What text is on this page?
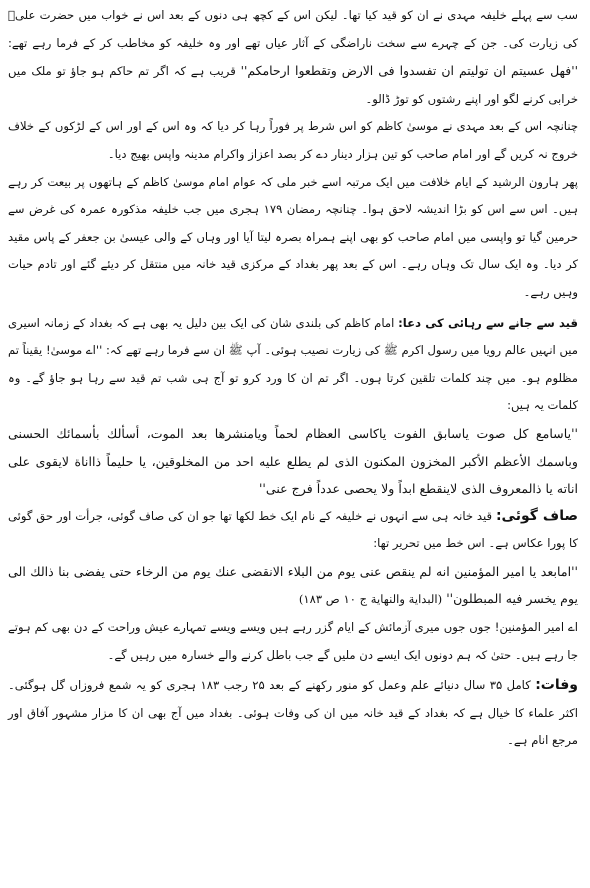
سب سے پہلے خلیفہ مہدی نے ان کو قید کیا تھا۔ لیکن اس کے کچھ ہی دنوں کے بعد اس نے خواب میں حضرت علیؓ کی زیارت کی۔ جن کے چہرے سے سخت ناراضگی کے آثار عیاں تھے اور وہ خلیفہ کو مخاطب کر کے فرما رہے تھے: ''فھل عسیتم ان تولیتم ان تفسدوا فی الارض وتقطعوا ارحامکم'' قریب ہے کہ اگر تم حاکم ہو جاؤ تو ملک میں خرابی کرنے لگو اور اپنے رشتوں کو توڑ ڈالو۔

چنانچہ اس کے بعد مہدی نے موسیٰ کاظم کو اس شرط پر فوراً رہا کر دیا کہ وہ اس کے اور اس کے لڑکوں کے خلاف خروج نہ کریں گے اور امام صاحب کو تین ہزار دینار دے کر بصد اعزاز واکرام مدینہ واپس بھیج دیا۔

پھر ہارون الرشید کے ایام خلافت میں ایک مرتبہ اسے خبر ملی کہ عوام امام موسیٰ کاظم کے ہاتھوں پر بیعت کر رہے ہیں۔ اس سے اس کو بڑا اندیشہ لاحق ہوا۔ چنانچہ رمضان ۱۷۹ ہجری میں جب خلیفہ مذکورہ عمرہ کی غرض سے حرمین گیا تو واپسی میں امام صاحب کو بھی اپنے ہمراہ بصرہ لیتا آیا اور وہاں کے والی عیسیٰ بن جعفر کے پاس مقید کر دیا۔ وہ ایک سال تک وہاں رہے۔ اس کے بعد پھر بغداد کے مرکزی قید خانہ میں منتقل کر دیئے گئے اور تادم حیات وہیں رہے۔

قید سے جانے سے رہائی کی دعا: امام کاظم کی بلندی شان کی ایک بین دلیل یہ بھی ہے کہ بغداد کے زمانہ اسیری میں انہیں عالم رویا میں رسول اکرم ﷺ کی زیارت نصیب ہوئی۔ آپ ﷺ ان سے فرما رہے تھے کہ: ''اے موسیٰ! یقیناً تم مظلوم ہو۔ میں چند کلمات تلقین کرتا ہوں۔ اگر تم ان کا ورد کرو تو آج ہی شب تم قید سے رہا ہو جاؤ گے۔ وہ کلمات یہ ہیں:

''یاسامع کل صوت یاسابق الفوت یاکاسی العظام لحماً ویامنشرھا بعد الموت، أسألك بأسمائك الحسنى وباسمك الأعظم الأكبر المخزون المكنون الذى لم يطلع عليه احد من المخلوقين، يا حليماً ذااناة لايقوى على اناته يا ذالمعروف الذى لاينقطع ابداً ولا يحصى عدداً فرج عنى''

صاف گوئی: قید خانہ ہی سے انہوں نے خلیفہ کے نام ایک خط لکھا تھا جو ان کی صاف گوئی، جرأت اور حق گوئی کا پورا عکاس ہے۔ اس خط میں تحریر تھا:

''امابعد یا امیر المؤمنین انه لم ینقص عنی یوم من البلاء الانقضی عنك یوم من الرخاء حتی یفضی بنا ذالك الی یوم یخسر فیه المبطلون'' (البدایة والنهایة ج ۱۰ ص ۱۸۳)

اے امیر المؤمنین! جوں جوں میری آزمائش کے ایام گزر رہے ہیں ویسے ویسے تمہارے عیش وراحت کے دن بھی کم ہوتے جا رہے ہیں۔ حتیٰ کہ ہم دونوں ایک ایسے دن ملیں گے جب باطل کرنے والے خسارہ میں رہیں گے۔

وفات: کامل ۳۵ سال دنیائے علم وعمل کو منور رکھنے کے بعد ۲۵ رجب ۱۸۳ ہجری کو یہ شمع فروزاں گل ہوگئی۔ اکثر علماء کا خیال ہے کہ بغداد کے قید خانہ میں ان کی وفات ہوئی۔ بغداد میں آج بھی ان کا مزار مشہور آفاق اور مرجع انام ہے۔
